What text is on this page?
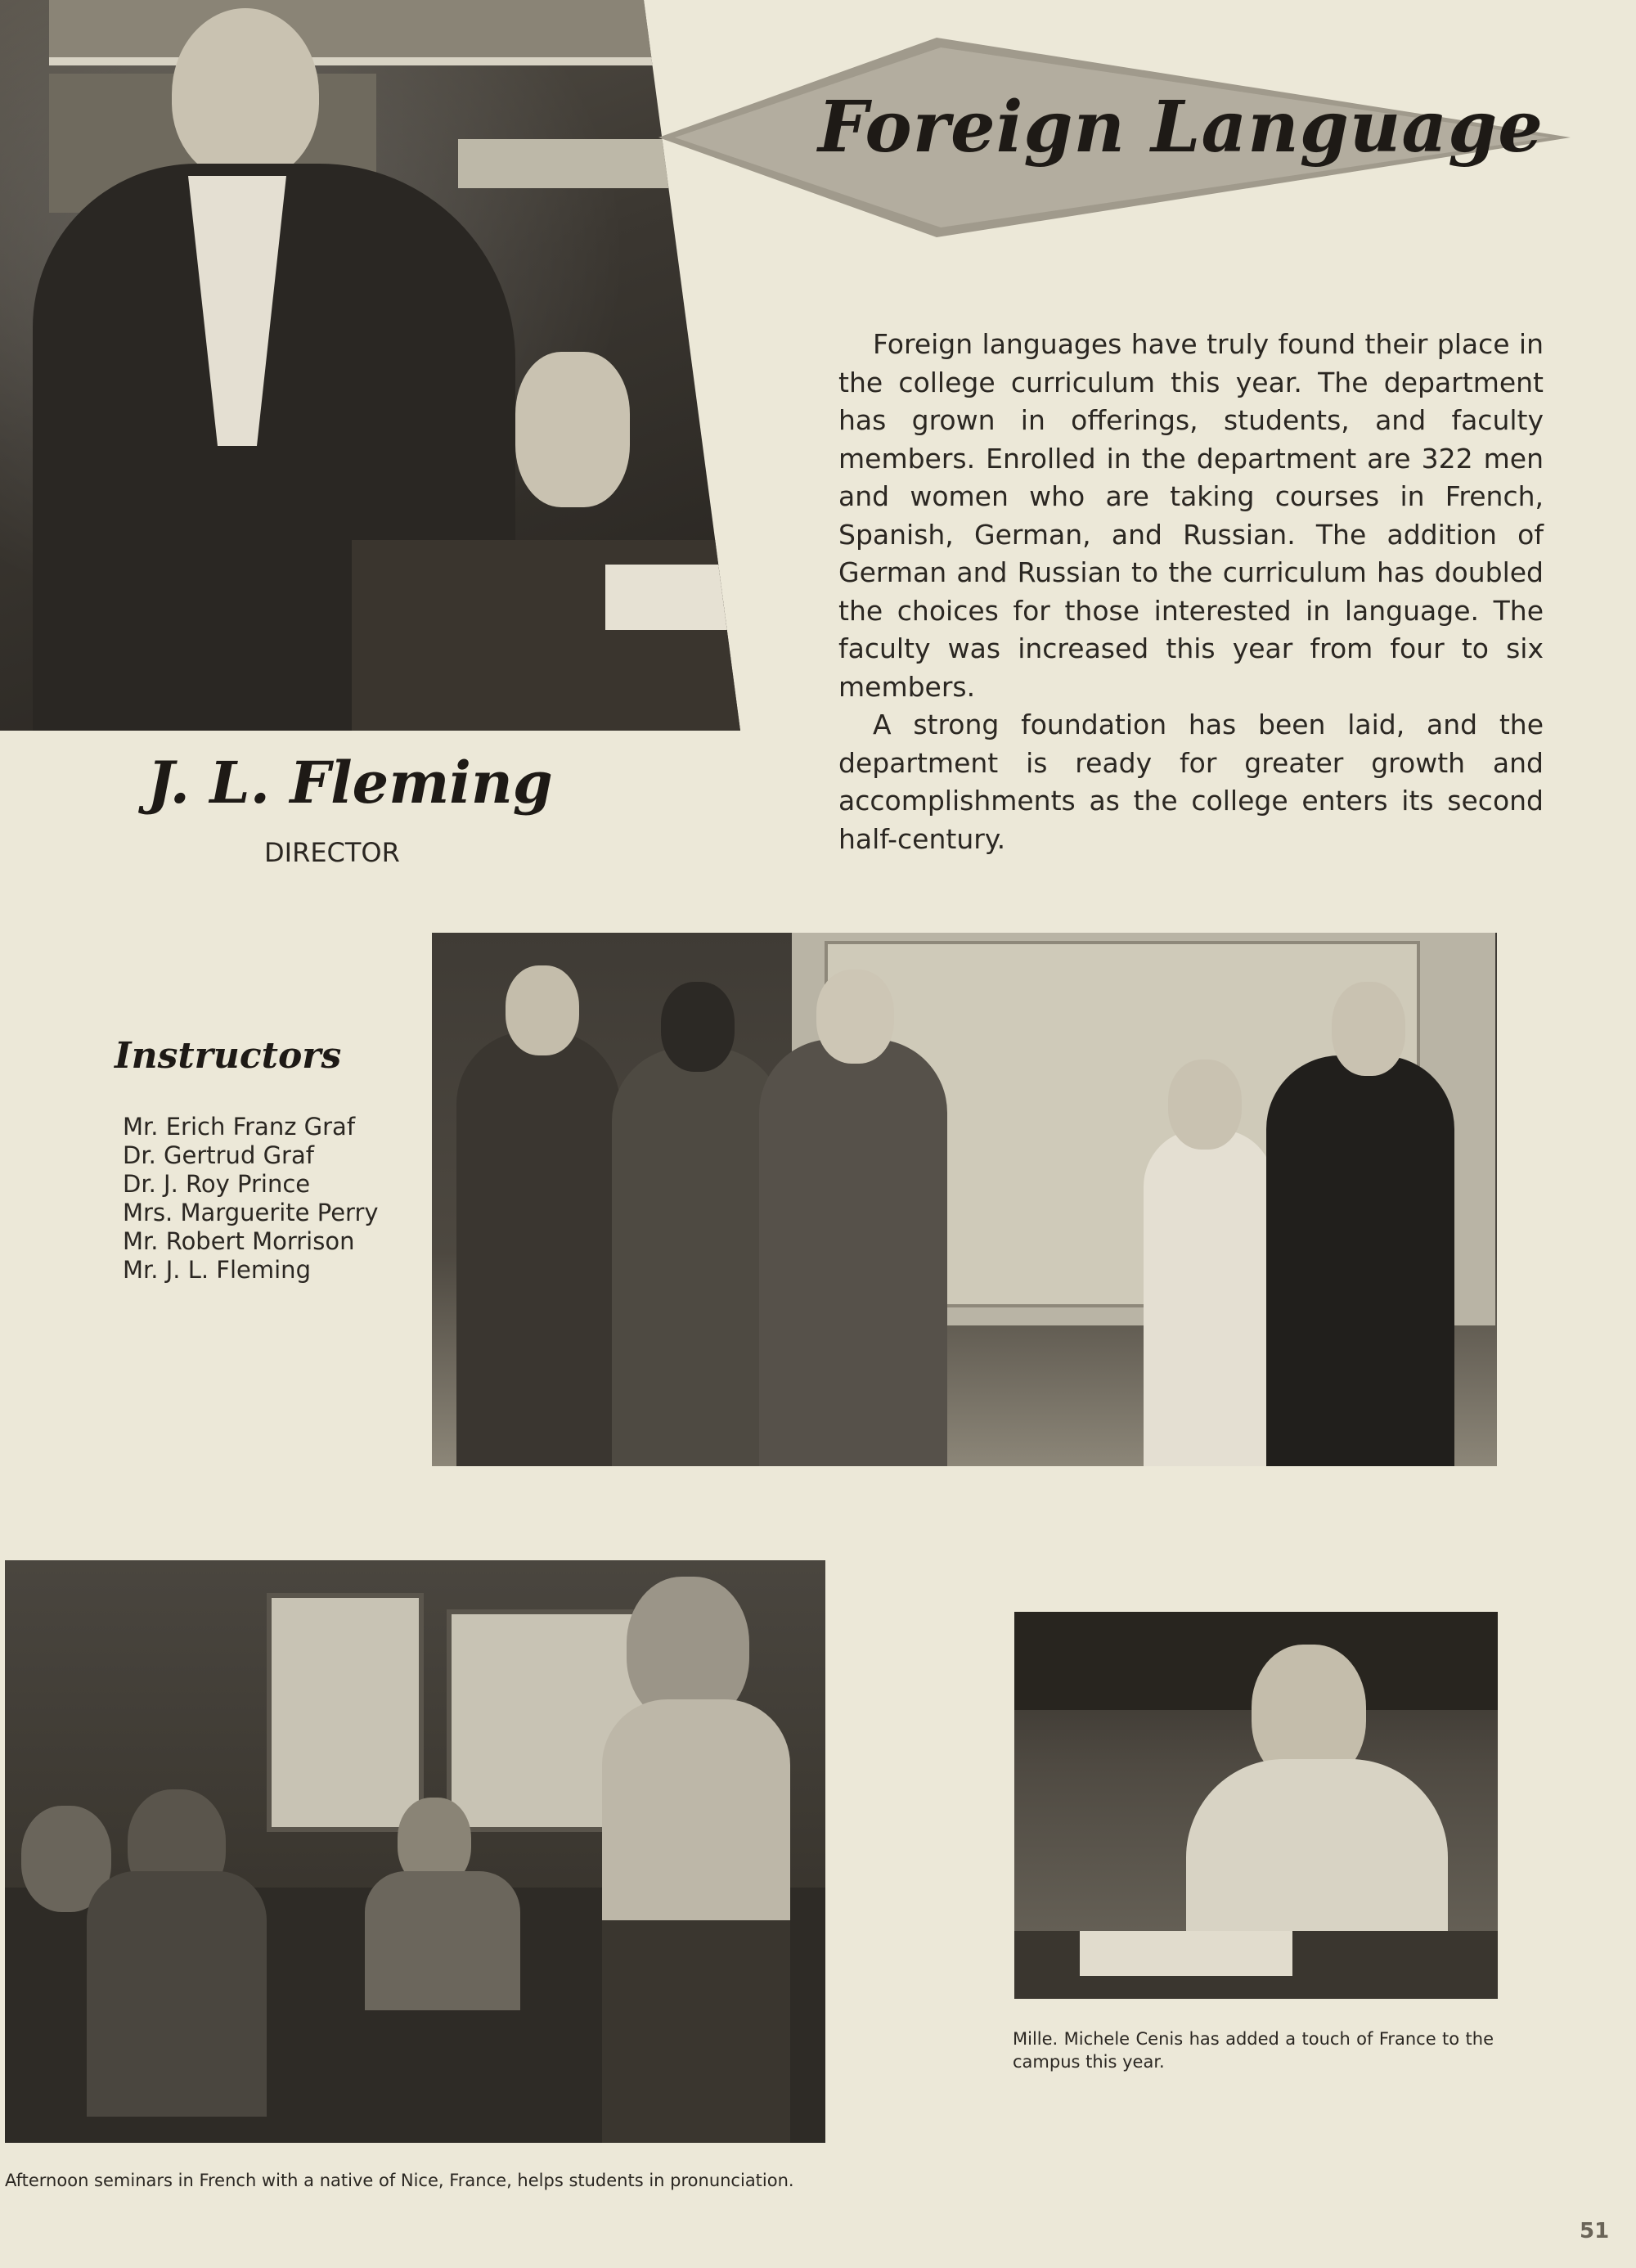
Foreign Language

Foreign languages have truly found their place in the college curriculum this year. The department has grown in offerings, students, and faculty members. Enrolled in the department are 322 men and women who are taking courses in French, Spanish, German, and Russian. The addition of German and Russian to the curriculum has doubled the choices for those interested in language. The faculty was increased this year from four to six members.

A strong foundation has been laid, and the department is ready for greater growth and accomplishments as the college enters its second half-century.

J. L. Fleming
DIRECTOR
Instructors
Mr. Erich Franz Graf
Dr. Gertrud Graf
Dr. J. Roy Prince
Mrs. Marguerite Perry
Mr. Robert Morrison
Mr. J. L. Fleming
Afternoon seminars in French with a native of Nice, France, helps students in pronunciation.
Mille. Michele Cenis has added a touch of France to the campus this year.
51
